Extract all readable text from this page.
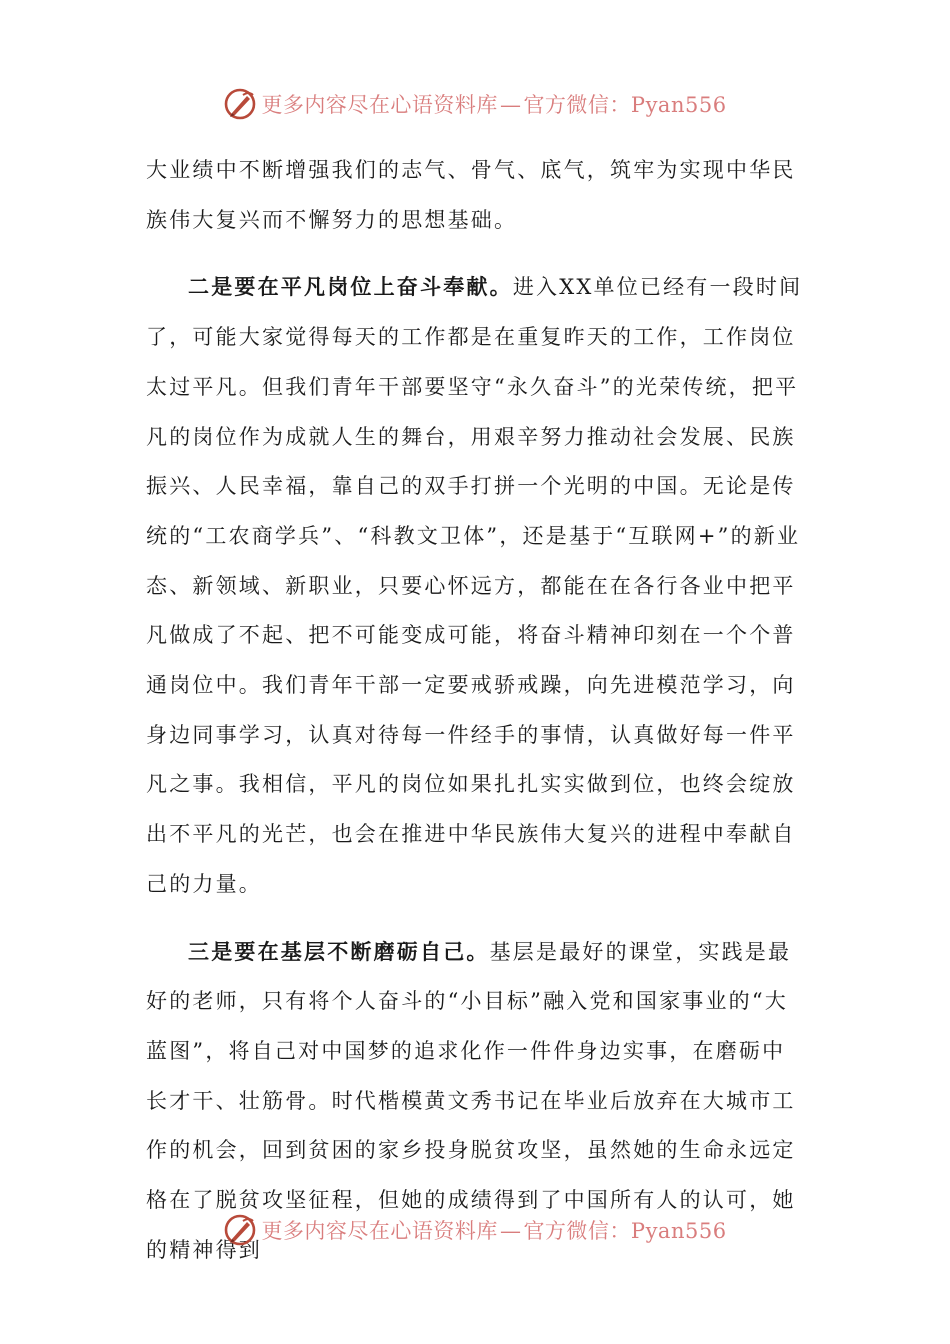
更多内容尽在心语资料库—官方微信：Pyan556

大业绩中不断增强我们的志气、骨气、底气，筑牢为实现中华民族伟大复兴而不懈努力的思想基础。

二是要在平凡岗位上奋斗奉献。进入XX单位已经有一段时间了，可能大家觉得每天的工作都是在重复昨天的工作，工作岗位太过平凡。但我们青年干部要坚守“永久奋斗”的光荣传统，把平凡的岗位作为成就人生的舞台，用艰辛努力推动社会发展、民族振兴、人民幸福，靠自己的双手打拼一个光明的中国。无论是传统的“工农商学兵”、“科教文卫体”，还是基于“互联网+”的新业态、新领域、新职业，只要心怀远方，都能在在各行各业中把平凡做成了不起、把不可能变成可能，将奋斗精神印刻在一个个普通岗位中。我们青年干部一定要戒骄戒躁，向先进模范学习，向身边同事学习，认真对待每一件经手的事情，认真做好每一件平凡之事。我相信，平凡的岗位如果扎扎实实做到位，也终会绽放出不平凡的光芒，也会在推进中华民族伟大复兴的进程中奉献自己的力量。

三是要在基层不断磨砺自己。基层是最好的课堂，实践是最好的老师，只有将个人奋斗的“小目标”融入党和国家事业的“大蓝图”，将自己对中国梦的追求化作一件件身边实事，在磨砺中长才干、壮筋骨。时代楷模黄文秀书记在毕业后放弃在大城市工作的机会，回到贫困的家乡投身脱贫攻坚，虽然她的生命永远定格在了脱贫攻坚征程，但她的成绩得到了中国所有人的认可，她的精神得到

更多内容尽在心语资料库—官方微信：Pyan556
